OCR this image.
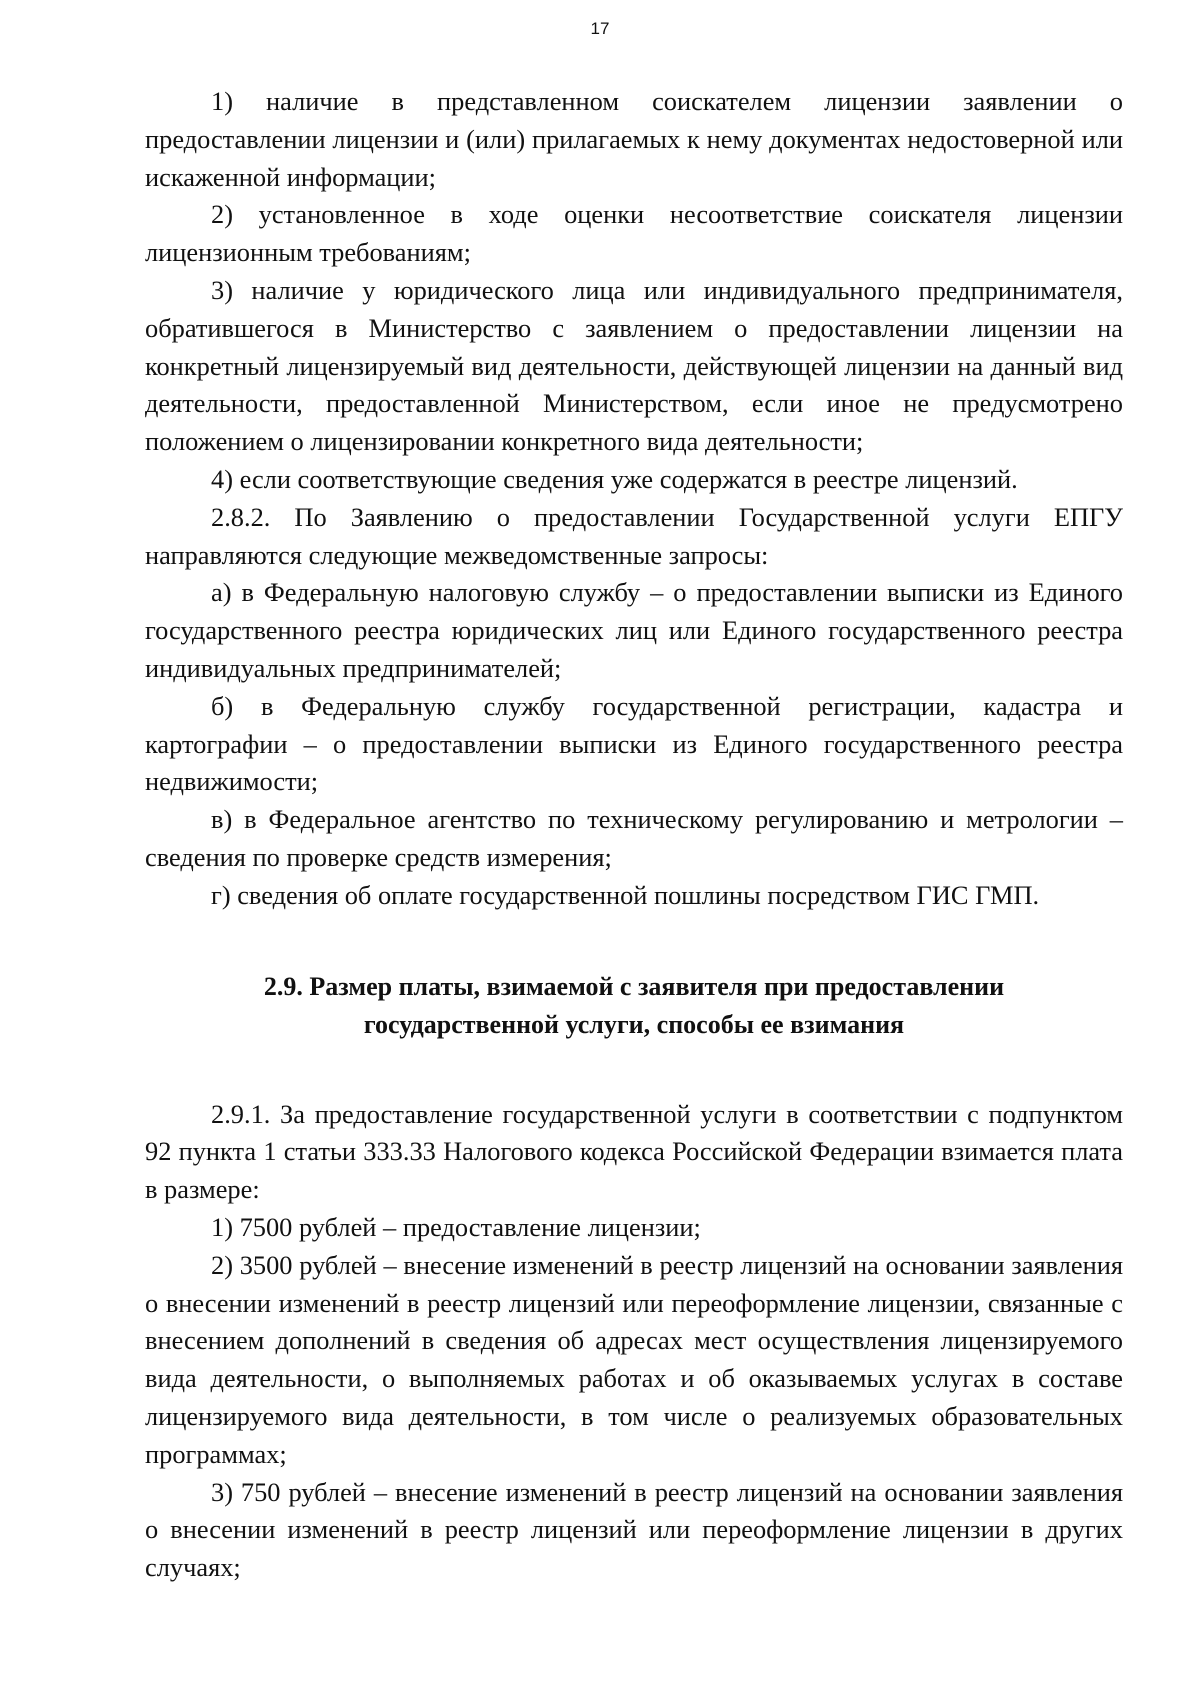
17

1) наличие в представленном соискателем лицензии заявлении о предоставлении лицензии и (или) прилагаемых к нему документах недостоверной или искаженной информации;

2) установленное в ходе оценки несоответствие соискателя лицензии лицензионным требованиям;

3) наличие у юридического лица или индивидуального предпринимателя, обратившегося в Министерство с заявлением о предоставлении лицензии на конкретный лицензируемый вид деятельности, действующей лицензии на данный вид деятельности, предоставленной Министерством, если иное не предусмотрено положением о лицензировании конкретного вида деятельности;

4) если соответствующие сведения уже содержатся в реестре лицензий.

2.8.2. По Заявлению о предоставлении Государственной услуги ЕПГУ направляются следующие межведомственные запросы:

а) в Федеральную налоговую службу – о предоставлении выписки из Единого государственного реестра юридических лиц или Единого государственного реестра индивидуальных предпринимателей;

б) в Федеральную службу государственной регистрации, кадастра и картографии – о предоставлении выписки из Единого государственного реестра недвижимости;

в) в Федеральное агентство по техническому регулированию и метрологии – сведения по проверке средств измерения;

г) сведения об оплате государственной пошлины посредством ГИС ГМП.

2.9. Размер платы, взимаемой с заявителя при предоставлении
государственной услуги, способы ее взимания

2.9.1. За предоставление государственной услуги в соответствии с подпунктом 92 пункта 1 статьи 333.33 Налогового кодекса Российской Федерации взимается плата в размере:

1) 7500 рублей – предоставление лицензии;

2) 3500 рублей – внесение изменений в реестр лицензий на основании заявления о внесении изменений в реестр лицензий или переоформление лицензии, связанные с внесением дополнений в сведения об адресах мест осуществления лицензируемого вида деятельности, о выполняемых работах и об оказываемых услугах в составе лицензируемого вида деятельности, в том числе о реализуемых образовательных программах;

3) 750 рублей – внесение изменений в реестр лицензий на основании заявления о внесении изменений в реестр лицензий или переоформление лицензии в других случаях;
